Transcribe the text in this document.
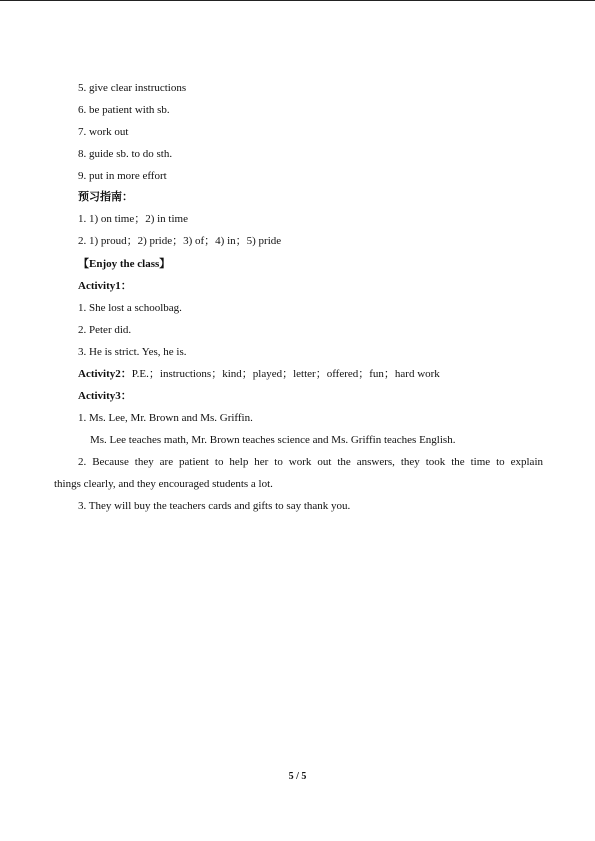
5. give clear instructions
6. be patient with sb.
7. work out
8. guide sb. to do sth.
9. put in more effort
预习指南：
1. 1) on time；2) in time
2. 1) proud；2) pride；3) of；4) in；5) pride
【Enjoy the class】
Activity1：
1. She lost a schoolbag.
2. Peter did.
3. He is strict. Yes, he is.
Activity2：P.E.；instructions；kind；played；letter；offered；fun；hard work
Activity3：
1. Ms. Lee, Mr. Brown and Ms. Griffin.
Ms. Lee teaches math, Mr. Brown teaches science and Ms. Griffin teaches English.
2. Because they are patient to help her to work out the answers, they took the time to explain
things clearly, and they encouraged students a lot.
3. They will buy the teachers cards and gifts to say thank you.
5 / 5
